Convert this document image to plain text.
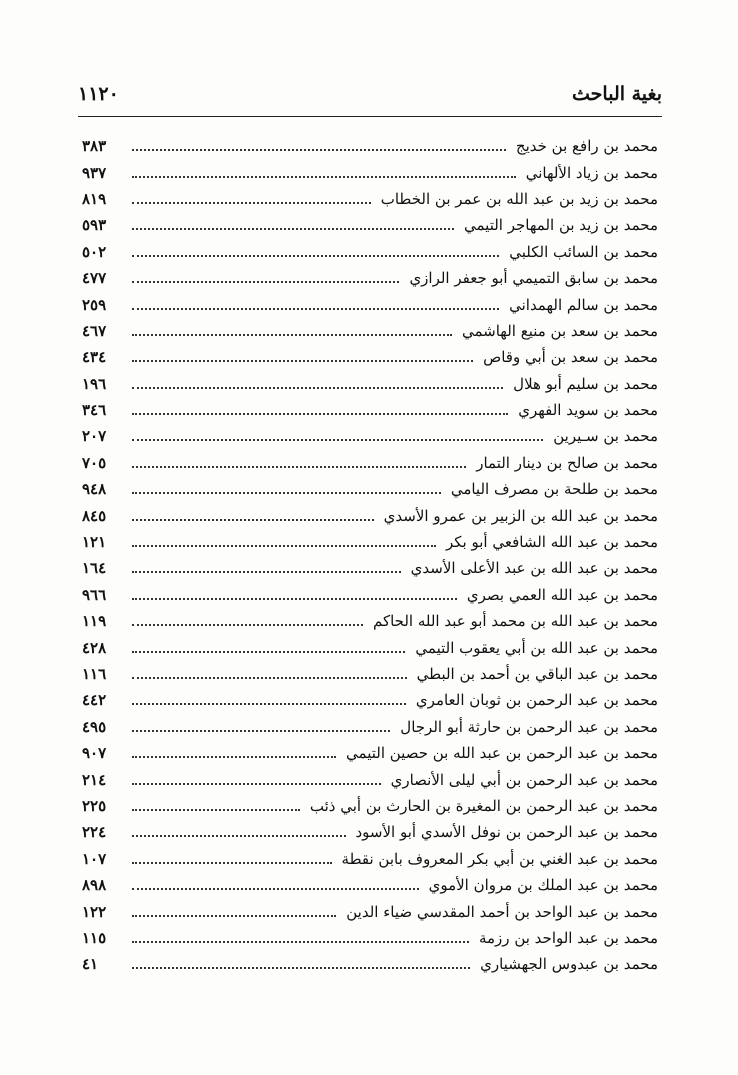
بغية الباحث
١١٢٠
محمد بن رافع بن خديج
٣٨٣
محمد بن زياد الألهاني
٩٣٧
محمد بن زيد بن عبد الله بن عمر بن الخطاب
٨١٩
محمد بن زيد بن المهاجر التيمي
٥٩٣
محمد بن السائب الكلبي
٥٠٢
محمد بن سابق التميمي أبو جعفر الرازي
٤٧٧
محمد بن سالم الهمداني
٢٥٩
محمد بن سعد بن منيع الهاشمي
٤٦٧
محمد بن سعد بن أبي وقاص
٤٣٤
محمد بن سليم أبو هلال
١٩٦
محمد بن سويد الفهري
٣٤٦
محمد بن سـيرين
٢٠٧
محمد بن صالح بن دينار التمار
٧٠٥
محمد بن طلحة بن مصرف اليامي
٩٤٨
محمد بن عبد الله بن الزبير بن عمرو الأسدي
٨٤٥
محمد بن عبد الله الشافعي أبو بكر
١٢١
محمد بن عبد الله بن عبد الأعلى الأسدي
١٦٤
محمد بن عبد الله العمي بصري
٩٦٦
محمد بن عبد الله بن محمد أبو عبد الله الحاكم
١١٩
محمد بن عبد الله بن أبي يعقوب التيمي
٤٢٨
محمد بن عبد الباقي بن أحمد بن البطي
١١٦
محمد بن عبد الرحمن بن ثوبان العامري
٤٤٢
محمد بن عبد الرحمن بن حارثة أبو الرجال
٤٩٥
محمد بن عبد الرحمن بن عبد الله بن حصين التيمي
٩٠٧
محمد بن عبد الرحمن بن أبي ليلى الأنصاري
٢١٤
محمد بن عبد الرحمن بن المغيرة بن الحارث بن أبي ذئب
٢٢٥
محمد بن عبد الرحمن بن نوفل الأسدي أبو الأسود
٢٢٤
محمد بن عبد الغني بن أبي بكر المعروف بابن نقطة
١٠٧
محمد بن عبد الملك بن مروان الأموي
٨٩٨
محمد بن عبد الواحد بن أحمد المقدسي ضياء الدين
١٢٢
محمد بن عبد الواحد بن رزمة
١١٥
محمد بن عبدوس الجهشياري
٤١
